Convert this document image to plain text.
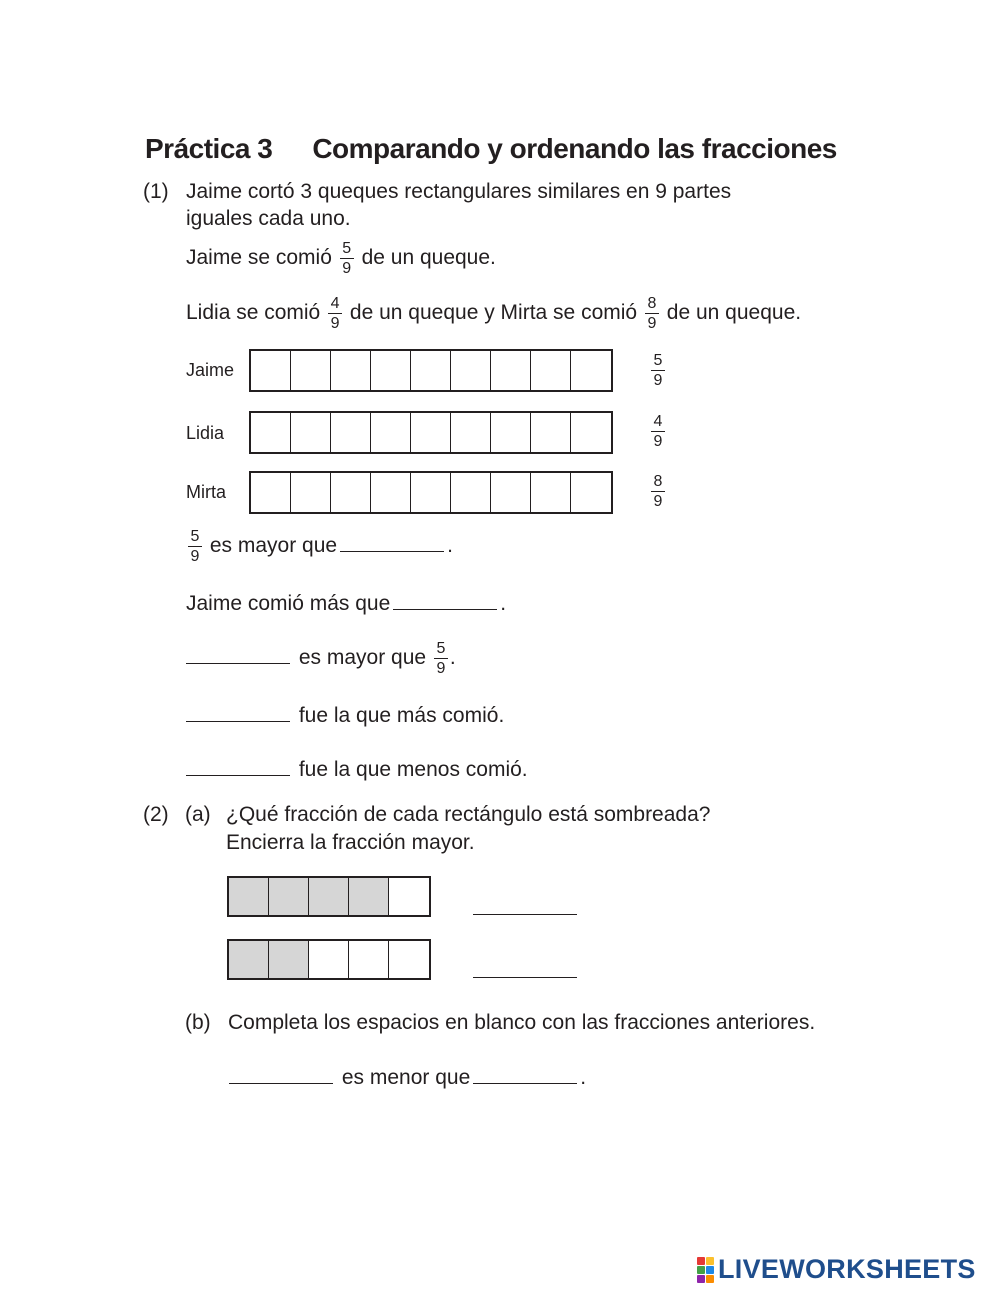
Práctica 3 Comparando y ordenando las fracciones
(1) Jaime cortó 3 queques rectangulares similares en 9 partes
iguales cada uno.
Jaime se comió $\frac{5}{9}$ de un queque.
Lidia se comió $\frac{4}{9}$ de un queque y Mirta se comió $\frac{8}{9}$ de un queque.
Jaime	$\frac{5}{9}$
Lidia	$\frac{4}{9}$
Mirta	$\frac{8}{9}$
$\frac{5}{9}$ es mayor que	.
Jaime comió más que	.
es mayor que $\frac{5}{9}$ .
fue la que más comió.
fue la que menos comió.
(2) (a) ¿Qué fracción de cada rectángulo está sombreada?
Encierra la fracción mayor.
(b) Completa los espacios en blanco con las fracciones anteriores.
es menor que	.
LIVEWORKSHEETS
